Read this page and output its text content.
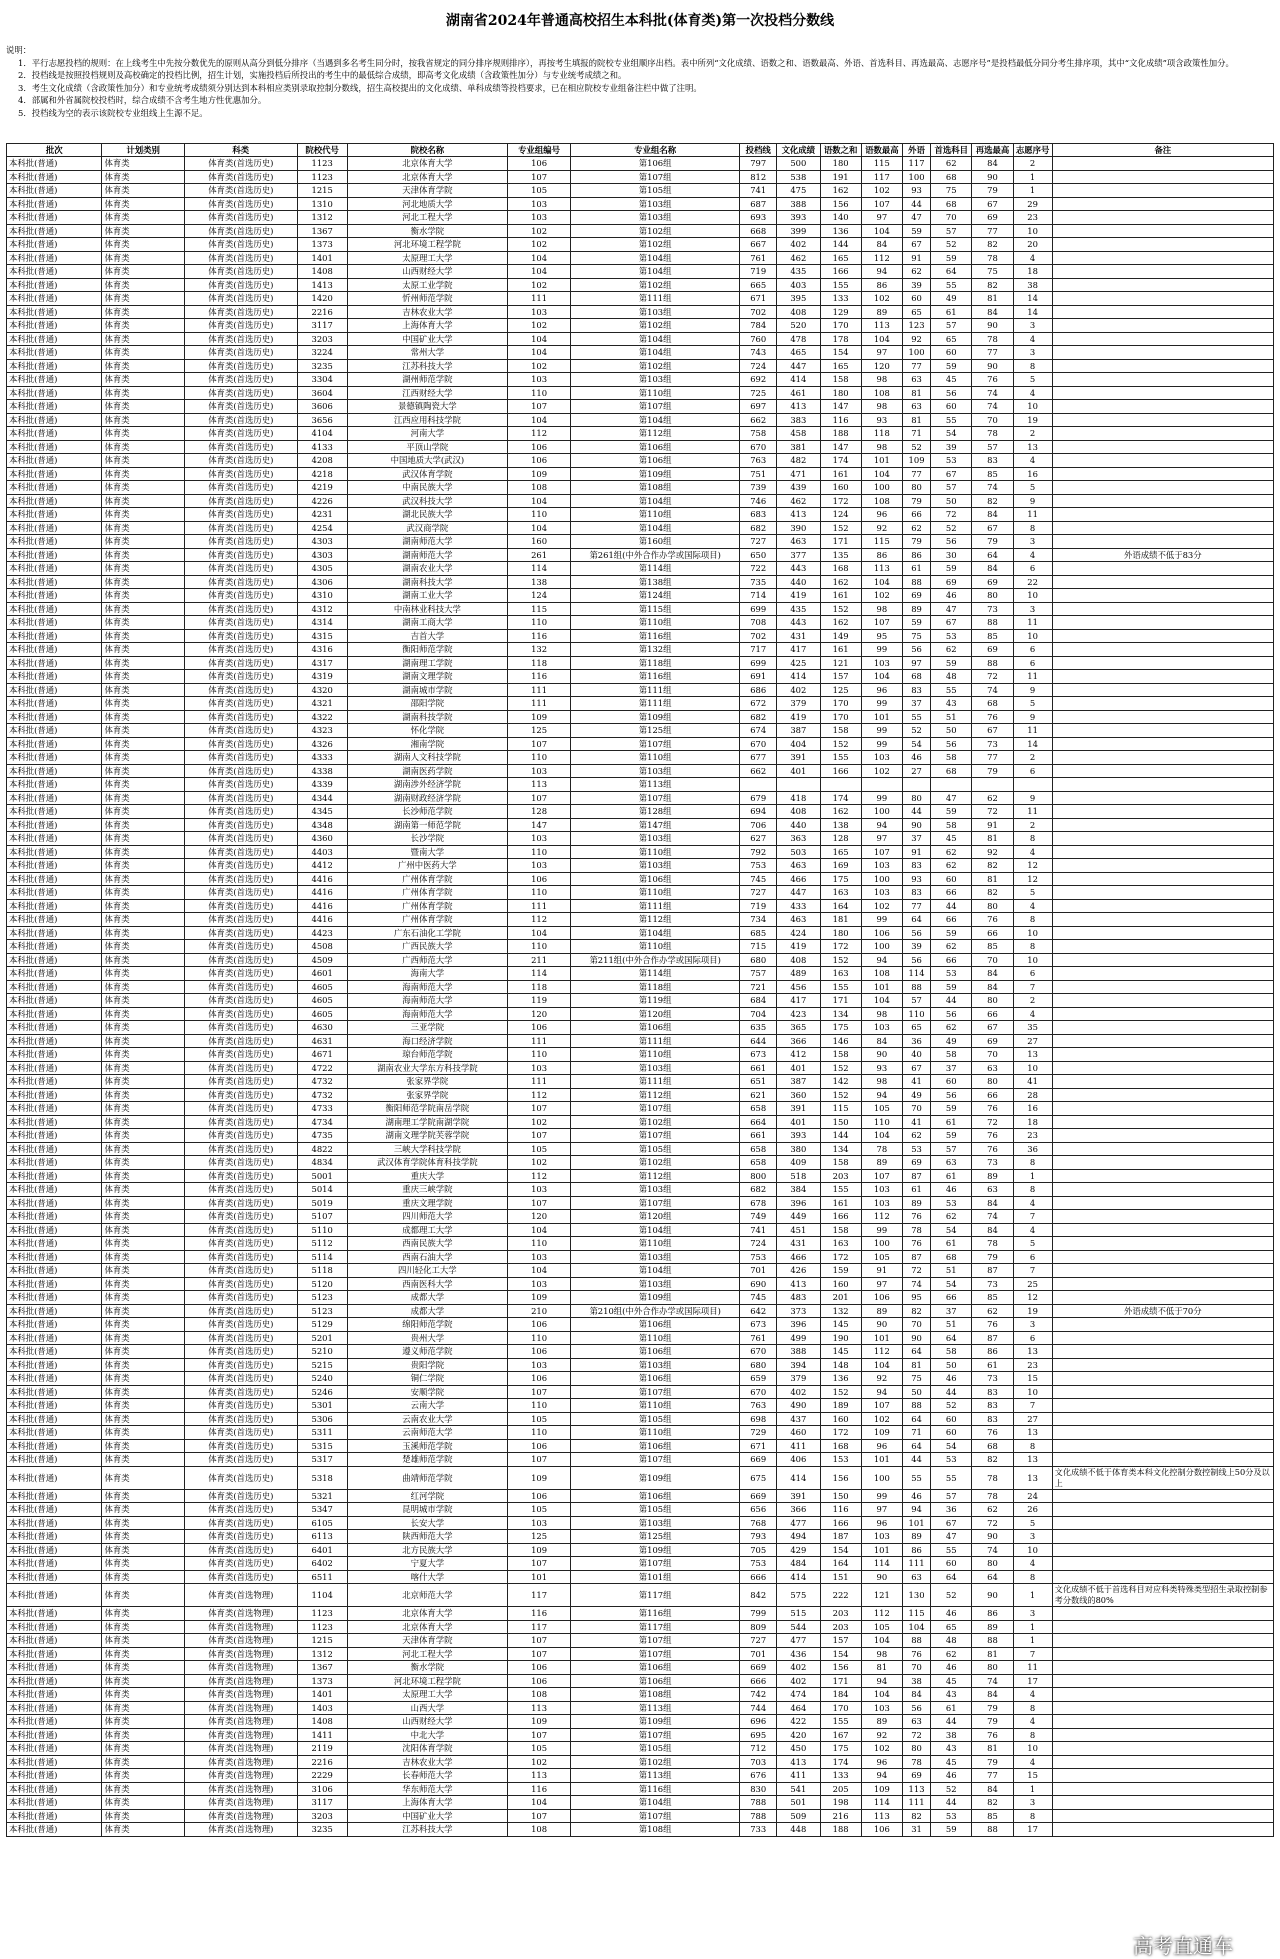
湖南省2024年普通高校招生本科批(体育类)第一次投档分数线
说明：
1．平行志愿投档的规则：在上线考生中先按分数优先的原则从高分到低分排序（当遇到多名考生同分时，按我省规定的同分排序规则排序），再按考生填报的院校专业组顺序出档。表中所列“文化成绩、语数之和、语数最高、外语、首选科目、再选最高、志愿序号”是投档最低分同分考生排序项，其中“文化成绩”项含政策性加分。
2．投档线是按照投档规则及高校确定的投档比例，招生计划，实施投档后所投出的考生中的最低综合成绩，即高考文化成绩（含政策性加分）与专业统考成绩之和。
3．考生文化成绩（含政策性加分）和专业统考成绩须分别达到本科相应类别录取控制分数线，招生高校提出的文化成绩、单科成绩等投档要求，已在相应院校专业组备注栏中做了注明。
4．部属和外省属院校投档时，综合成绩不含考生地方性优惠加分。
5．投档线为空的表示该院校专业组线上生源不足。
批次	计划类别	科类	院校代号	院校名称	专业组编号	专业组名称	投档线	文化成绩	语数之和	语数最高	外语	首选科目	再选最高	志愿序号	备注
本科批(普通)	体育类	体育类(首选历史)	1123	北京体育大学	106	第106组	797	500	180	115	117	62	84	2	
本科批(普通)	体育类	体育类(首选历史)	1123	北京体育大学	107	第107组	812	538	191	117	100	68	90	1	
本科批(普通)	体育类	体育类(首选历史)	1215	天津体育学院	105	第105组	741	475	162	102	93	75	79	1	
本科批(普通)	体育类	体育类(首选历史)	1310	河北地质大学	103	第103组	687	388	156	107	44	68	67	29	
本科批(普通)	体育类	体育类(首选历史)	1312	河北工程大学	103	第103组	693	393	140	97	47	70	69	23	
本科批(普通)	体育类	体育类(首选历史)	1367	衡水学院	102	第102组	668	399	136	104	59	57	77	10	
本科批(普通)	体育类	体育类(首选历史)	1373	河北环境工程学院	102	第102组	667	402	144	84	67	52	82	20	
本科批(普通)	体育类	体育类(首选历史)	1401	太原理工大学	104	第104组	761	462	165	112	91	59	78	4	
本科批(普通)	体育类	体育类(首选历史)	1408	山西财经大学	104	第104组	719	435	166	94	62	64	75	18	
本科批(普通)	体育类	体育类(首选历史)	1413	太原工业学院	102	第102组	665	403	155	86	39	55	82	38	
本科批(普通)	体育类	体育类(首选历史)	1420	忻州师范学院	111	第111组	671	395	133	102	60	49	81	14	
本科批(普通)	体育类	体育类(首选历史)	2216	吉林农业大学	103	第103组	702	408	129	89	65	61	84	14	
本科批(普通)	体育类	体育类(首选历史)	3117	上海体育大学	102	第102组	784	520	170	113	123	57	90	3	
本科批(普通)	体育类	体育类(首选历史)	3203	中国矿业大学	104	第104组	760	478	178	104	92	65	78	4	
本科批(普通)	体育类	体育类(首选历史)	3224	常州大学	104	第104组	743	465	154	97	100	60	77	3	
本科批(普通)	体育类	体育类(首选历史)	3235	江苏科技大学	102	第102组	724	447	165	120	77	59	90	8	
本科批(普通)	体育类	体育类(首选历史)	3304	湖州师范学院	103	第103组	692	414	158	98	63	45	76	5	
本科批(普通)	体育类	体育类(首选历史)	3604	江西财经大学	110	第110组	725	461	180	108	81	56	74	4	
本科批(普通)	体育类	体育类(首选历史)	3606	景德镇陶瓷大学	107	第107组	697	413	147	98	63	60	74	10	
本科批(普通)	体育类	体育类(首选历史)	3656	江西应用科技学院	104	第104组	662	383	116	93	81	55	70	19	
本科批(普通)	体育类	体育类(首选历史)	4104	河南大学	112	第112组	758	458	188	118	71	54	78	2	
本科批(普通)	体育类	体育类(首选历史)	4133	平顶山学院	106	第106组	670	381	147	98	52	39	57	13	
本科批(普通)	体育类	体育类(首选历史)	4208	中国地质大学(武汉)	106	第106组	763	482	174	101	109	53	83	4	
本科批(普通)	体育类	体育类(首选历史)	4218	武汉体育学院	109	第109组	751	471	161	104	77	67	85	16	
本科批(普通)	体育类	体育类(首选历史)	4219	中南民族大学	108	第108组	739	439	160	100	80	57	74	5	
本科批(普通)	体育类	体育类(首选历史)	4226	武汉科技大学	104	第104组	746	462	172	108	79	50	82	9	
本科批(普通)	体育类	体育类(首选历史)	4231	湖北民族大学	110	第110组	683	413	124	96	66	72	84	11	
本科批(普通)	体育类	体育类(首选历史)	4254	武汉商学院	104	第104组	682	390	152	92	62	52	67	8	
本科批(普通)	体育类	体育类(首选历史)	4303	湖南师范大学	160	第160组	727	463	171	115	79	56	79	3	
本科批(普通)	体育类	体育类(首选历史)	4303	湖南师范大学	261	第261组(中外合作办学或国际项目)	650	377	135	86	86	30	64	4	外语成绩不低于83分
本科批(普通)	体育类	体育类(首选历史)	4305	湖南农业大学	114	第114组	722	443	168	113	61	59	84	6	
本科批(普通)	体育类	体育类(首选历史)	4306	湖南科技大学	138	第138组	735	440	162	104	88	69	69	22	
本科批(普通)	体育类	体育类(首选历史)	4310	湖南工业大学	124	第124组	714	419	161	102	69	46	80	10	
本科批(普通)	体育类	体育类(首选历史)	4312	中南林业科技大学	115	第115组	699	435	152	98	89	47	73	3	
本科批(普通)	体育类	体育类(首选历史)	4314	湖南工商大学	110	第110组	708	443	162	107	59	67	88	11	
本科批(普通)	体育类	体育类(首选历史)	4315	吉首大学	116	第116组	702	431	149	95	75	53	85	10	
本科批(普通)	体育类	体育类(首选历史)	4316	衡阳师范学院	132	第132组	717	417	161	99	56	62	69	6	
本科批(普通)	体育类	体育类(首选历史)	4317	湖南理工学院	118	第118组	699	425	121	103	97	59	88	6	
本科批(普通)	体育类	体育类(首选历史)	4319	湖南文理学院	116	第116组	691	414	157	104	68	48	72	11	
本科批(普通)	体育类	体育类(首选历史)	4320	湖南城市学院	111	第111组	686	402	125	96	83	55	74	9	
本科批(普通)	体育类	体育类(首选历史)	4321	邵阳学院	111	第111组	672	379	170	99	37	43	68	5	
本科批(普通)	体育类	体育类(首选历史)	4322	湖南科技学院	109	第109组	682	419	170	101	55	51	76	9	
本科批(普通)	体育类	体育类(首选历史)	4323	怀化学院	125	第125组	674	387	158	99	52	50	67	11	
本科批(普通)	体育类	体育类(首选历史)	4326	湘南学院	107	第107组	670	404	152	99	54	56	73	14	
本科批(普通)	体育类	体育类(首选历史)	4333	湖南人文科技学院	110	第110组	677	391	155	103	46	58	77	2	
本科批(普通)	体育类	体育类(首选历史)	4338	湖南医药学院	103	第103组	662	401	166	102	27	68	79	6	
本科批(普通)	体育类	体育类(首选历史)	4339	湖南涉外经济学院	113	第113组									
本科批(普通)	体育类	体育类(首选历史)	4344	湖南财政经济学院	107	第107组	679	418	174	99	80	47	62	9	
本科批(普通)	体育类	体育类(首选历史)	4345	长沙师范学院	128	第128组	694	408	162	100	44	59	72	11	
本科批(普通)	体育类	体育类(首选历史)	4348	湖南第一师范学院	147	第147组	706	440	138	94	90	58	91	2	
本科批(普通)	体育类	体育类(首选历史)	4360	长沙学院	103	第103组	627	363	128	97	37	45	81	8	
本科批(普通)	体育类	体育类(首选历史)	4403	暨南大学	110	第110组	792	503	165	107	91	62	92	4	
本科批(普通)	体育类	体育类(首选历史)	4412	广州中医药大学	103	第103组	753	463	169	103	83	62	82	12	
本科批(普通)	体育类	体育类(首选历史)	4416	广州体育学院	106	第106组	745	466	175	100	93	60	81	12	
本科批(普通)	体育类	体育类(首选历史)	4416	广州体育学院	110	第110组	727	447	163	103	83	66	82	5	
本科批(普通)	体育类	体育类(首选历史)	4416	广州体育学院	111	第111组	719	433	164	102	77	44	80	4	
本科批(普通)	体育类	体育类(首选历史)	4416	广州体育学院	112	第112组	734	463	181	99	64	66	76	8	
本科批(普通)	体育类	体育类(首选历史)	4423	广东石油化工学院	104	第104组	685	424	180	106	56	59	66	10	
本科批(普通)	体育类	体育类(首选历史)	4508	广西民族大学	110	第110组	715	419	172	100	39	62	85	8	
本科批(普通)	体育类	体育类(首选历史)	4509	广西师范大学	211	第211组(中外合作办学或国际项目)	680	408	152	94	56	66	70	10	
本科批(普通)	体育类	体育类(首选历史)	4601	海南大学	114	第114组	757	489	163	108	114	53	84	6	
本科批(普通)	体育类	体育类(首选历史)	4605	海南师范大学	118	第118组	721	456	155	101	88	59	84	7	
本科批(普通)	体育类	体育类(首选历史)	4605	海南师范大学	119	第119组	684	417	171	104	57	44	80	2	
本科批(普通)	体育类	体育类(首选历史)	4605	海南师范大学	120	第120组	704	423	134	98	110	56	66	4	
本科批(普通)	体育类	体育类(首选历史)	4630	三亚学院	106	第106组	635	365	175	103	65	62	67	35	
本科批(普通)	体育类	体育类(首选历史)	4631	海口经济学院	111	第111组	644	366	146	84	36	49	69	27	
本科批(普通)	体育类	体育类(首选历史)	4671	琼台师范学院	110	第110组	673	412	158	90	40	58	70	13	
本科批(普通)	体育类	体育类(首选历史)	4722	湖南农业大学东方科技学院	103	第103组	661	401	152	93	67	37	63	10	
本科批(普通)	体育类	体育类(首选历史)	4732	张家界学院	111	第111组	651	387	142	98	41	60	80	41	
本科批(普通)	体育类	体育类(首选历史)	4732	张家界学院	112	第112组	621	360	152	94	49	56	66	28	
本科批(普通)	体育类	体育类(首选历史)	4733	衡阳师范学院南岳学院	107	第107组	658	391	115	105	70	59	76	16	
本科批(普通)	体育类	体育类(首选历史)	4734	湖南理工学院南湖学院	102	第102组	664	401	150	110	41	61	72	18	
本科批(普通)	体育类	体育类(首选历史)	4735	湖南文理学院芙蓉学院	107	第107组	661	393	144	104	62	59	76	23	
本科批(普通)	体育类	体育类(首选历史)	4822	三峡大学科技学院	105	第105组	658	380	134	78	53	57	76	36	
本科批(普通)	体育类	体育类(首选历史)	4834	武汉体育学院体育科技学院	102	第102组	658	409	158	89	69	63	73	8	
本科批(普通)	体育类	体育类(首选历史)	5001	重庆大学	112	第112组	800	518	203	107	87	61	89	1	
本科批(普通)	体育类	体育类(首选历史)	5014	重庆三峡学院	103	第103组	682	384	155	103	61	46	63	8	
本科批(普通)	体育类	体育类(首选历史)	5019	重庆文理学院	107	第107组	678	396	161	103	89	53	84	4	
本科批(普通)	体育类	体育类(首选历史)	5107	四川师范大学	120	第120组	749	449	166	112	76	62	74	7	
本科批(普通)	体育类	体育类(首选历史)	5110	成都理工大学	104	第104组	741	451	158	99	78	54	84	4	
本科批(普通)	体育类	体育类(首选历史)	5112	西南民族大学	110	第110组	724	431	163	100	76	61	78	5	
本科批(普通)	体育类	体育类(首选历史)	5114	西南石油大学	103	第103组	753	466	172	105	87	68	79	6	
本科批(普通)	体育类	体育类(首选历史)	5118	四川轻化工大学	104	第104组	701	426	159	91	72	51	87	7	
本科批(普通)	体育类	体育类(首选历史)	5120	西南医科大学	103	第103组	690	413	160	97	74	54	73	25	
本科批(普通)	体育类	体育类(首选历史)	5123	成都大学	109	第109组	745	483	201	106	95	66	85	12	
本科批(普通)	体育类	体育类(首选历史)	5123	成都大学	210	第210组(中外合作办学或国际项目)	642	373	132	89	82	37	62	19	外语成绩不低于70分
本科批(普通)	体育类	体育类(首选历史)	5129	绵阳师范学院	106	第106组	673	396	145	90	70	51	76	3	
本科批(普通)	体育类	体育类(首选历史)	5201	贵州大学	110	第110组	761	499	190	101	90	64	87	6	
本科批(普通)	体育类	体育类(首选历史)	5210	遵义师范学院	106	第106组	670	388	145	112	64	58	86	13	
本科批(普通)	体育类	体育类(首选历史)	5215	贵阳学院	103	第103组	680	394	148	104	81	50	61	23	
本科批(普通)	体育类	体育类(首选历史)	5240	铜仁学院	106	第106组	659	379	136	92	75	46	73	15	
本科批(普通)	体育类	体育类(首选历史)	5246	安顺学院	107	第107组	670	402	152	94	50	44	83	10	
本科批(普通)	体育类	体育类(首选历史)	5301	云南大学	110	第110组	763	490	189	107	88	52	83	7	
本科批(普通)	体育类	体育类(首选历史)	5306	云南农业大学	105	第105组	698	437	160	102	64	60	83	27	
本科批(普通)	体育类	体育类(首选历史)	5311	云南师范大学	110	第110组	729	460	172	109	71	60	76	13	
本科批(普通)	体育类	体育类(首选历史)	5315	玉溪师范学院	106	第106组	671	411	168	96	64	54	68	8	
本科批(普通)	体育类	体育类(首选历史)	5317	楚雄师范学院	107	第107组	669	406	153	101	44	53	82	13	
本科批(普通)	体育类	体育类(首选历史)	5318	曲靖师范学院	109	第109组	675	414	156	100	55	55	78	13	文化成绩不低于体育类本科文化控制分数控制线上50分及以上
本科批(普通)	体育类	体育类(首选历史)	5321	红河学院	106	第106组	669	391	150	99	46	57	78	24	
本科批(普通)	体育类	体育类(首选历史)	5347	昆明城市学院	105	第105组	656	366	116	97	94	36	62	26	
本科批(普通)	体育类	体育类(首选历史)	6105	长安大学	103	第103组	768	477	166	96	101	67	72	5	
本科批(普通)	体育类	体育类(首选历史)	6113	陕西师范大学	125	第125组	793	494	187	103	89	47	90	3	
本科批(普通)	体育类	体育类(首选历史)	6401	北方民族大学	109	第109组	705	429	154	101	86	55	74	10	
本科批(普通)	体育类	体育类(首选历史)	6402	宁夏大学	107	第107组	753	484	164	114	111	60	80	4	
本科批(普通)	体育类	体育类(首选历史)	6511	喀什大学	101	第101组	666	414	151	90	63	64	64	8	
本科批(普通)	体育类	体育类(首选物理)	1104	北京师范大学	117	第117组	842	575	222	121	130	52	90	1	文化成绩不低于首选科目对应科类特殊类型招生录取控制参考分数线的80%
本科批(普通)	体育类	体育类(首选物理)	1123	北京体育大学	116	第116组	799	515	203	112	115	46	86	3	
本科批(普通)	体育类	体育类(首选物理)	1123	北京体育大学	117	第117组	809	544	203	105	104	65	89	1	
本科批(普通)	体育类	体育类(首选物理)	1215	天津体育学院	107	第107组	727	477	157	104	88	48	88	1	
本科批(普通)	体育类	体育类(首选物理)	1312	河北工程大学	107	第107组	701	436	154	98	76	62	81	7	
本科批(普通)	体育类	体育类(首选物理)	1367	衡水学院	106	第106组	669	402	156	81	70	46	80	11	
本科批(普通)	体育类	体育类(首选物理)	1373	河北环境工程学院	106	第106组	666	402	171	94	38	45	74	17	
本科批(普通)	体育类	体育类(首选物理)	1401	太原理工大学	108	第108组	742	474	184	104	84	43	84	4	
本科批(普通)	体育类	体育类(首选物理)	1403	山西大学	113	第113组	744	464	170	103	56	61	79	8	
本科批(普通)	体育类	体育类(首选物理)	1408	山西财经大学	109	第109组	696	422	155	89	63	44	79	4	
本科批(普通)	体育类	体育类(首选物理)	1411	中北大学	107	第107组	695	420	167	92	72	38	76	8	
本科批(普通)	体育类	体育类(首选物理)	2119	沈阳体育学院	105	第105组	712	450	175	102	80	43	81	10	
本科批(普通)	体育类	体育类(首选物理)	2216	吉林农业大学	102	第102组	703	413	174	96	78	45	79	4	
本科批(普通)	体育类	体育类(首选物理)	2229	长春师范大学	113	第113组	676	411	133	94	69	46	77	15	
本科批(普通)	体育类	体育类(首选物理)	3106	华东师范大学	116	第116组	830	541	205	109	113	52	84	1	
本科批(普通)	体育类	体育类(首选物理)	3117	上海体育大学	104	第104组	788	501	198	114	111	44	82	3	
本科批(普通)	体育类	体育类(首选物理)	3203	中国矿业大学	107	第107组	788	509	216	113	82	53	85	8	
本科批(普通)	体育类	体育类(首选物理)	3235	江苏科技大学	108	第108组	733	448	188	106	31	59	88	17	
高考直通车
